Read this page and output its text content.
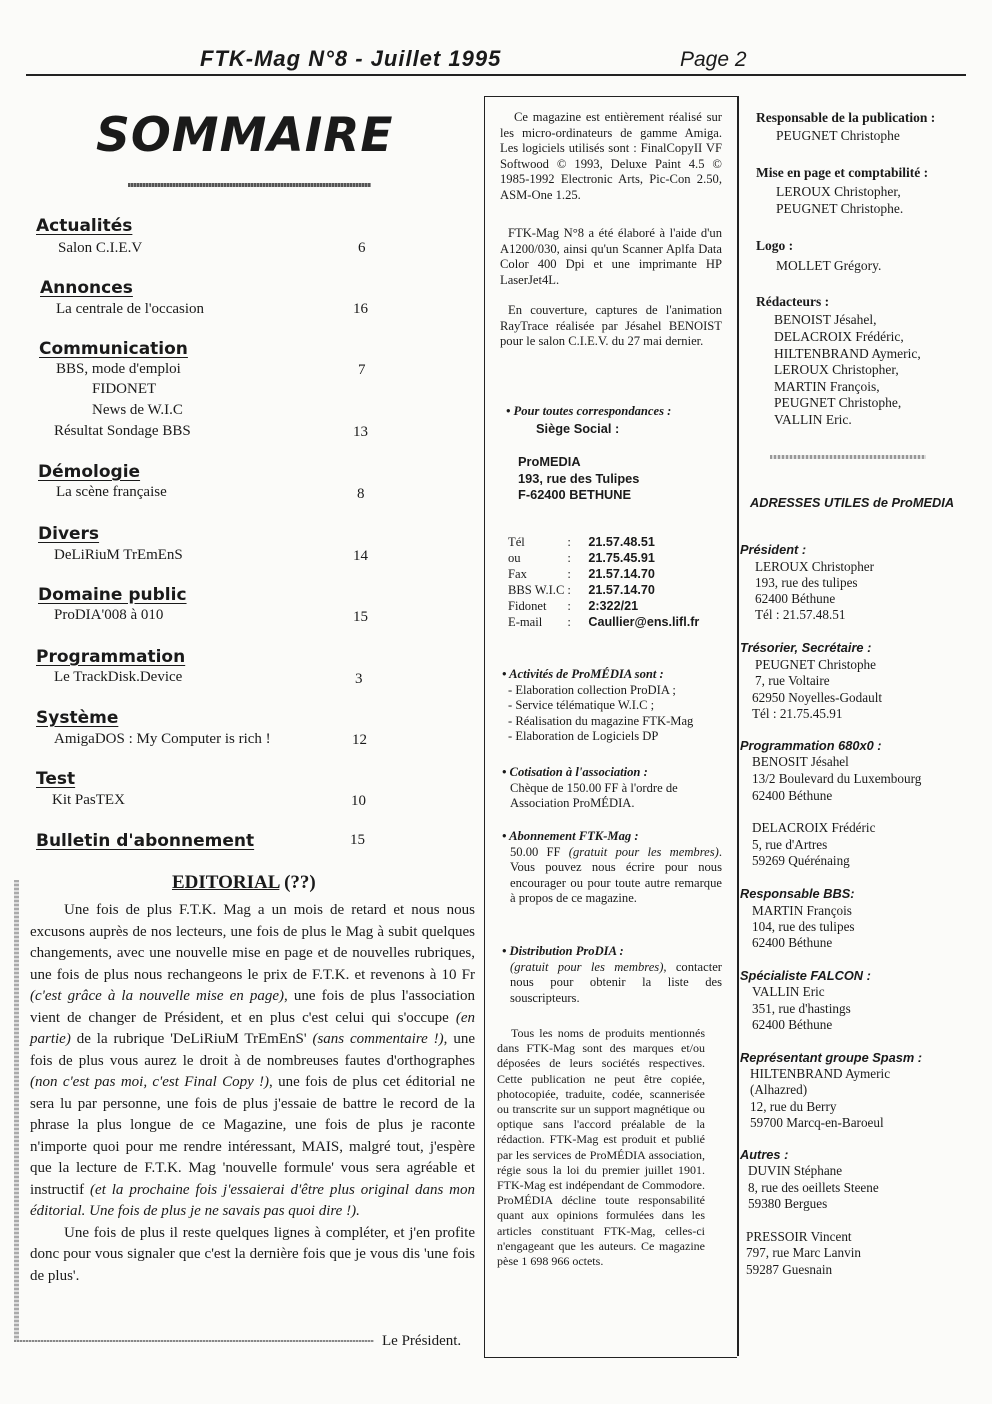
FTK-Mag N°8 - Juillet 1995	Page 2
SOMMAIRE
Actualités
Salon C.I.E.V	6
Annonces
La centrale de l'occasion	16
Communication
BBS, mode d'emploi	7
FIDONET
News de W.I.C
Résultat Sondage BBS	13
Démologie
La scène française	8
Divers
DeLiRiuM TrEmEnS	14
Domaine public
ProDIA'008 à 010	15
Programmation
Le TrackDisk.Device	3
Système
AmigaDOS : My Computer is rich !	12
Test
Kit PasTEX	10
Bulletin d'abonnement	15
EDITORIAL (??)

Une fois de plus F.T.K. Mag a un mois de retard et nous nous excusons auprès de nos lecteurs, une fois de plus le Mag à subit quelques changements, avec une nouvelle mise en page et de nouvelles rubriques, une fois de plus nous rechangeons le prix de F.T.K. et revenons à 10 Fr (c'est grâce à la nouvelle mise en page), une fois de plus l'association vient de changer de Président, et en plus c'est celui qui s'occupe (en partie) de la rubrique 'DeLiRiuM TrEmEnS' (sans commentaire !), une fois de plus vous aurez le droit à de nombreuses fautes d'orthographes (non c'est pas moi, c'est Final Copy !), une fois de plus cet éditorial ne sera lu par personne, une fois de plus j'essaie de battre le record de la phrase la plus longue de ce Magazine, une fois de plus je raconte n'importe quoi pour me rendre intéressant, MAIS, malgré tout, j'espère que la lecture de F.T.K. Mag 'nouvelle formule' vous sera agréable et instructif (et la prochaine fois j'essaierai d'être plus original dans mon éditorial. Une fois de plus je ne savais pas quoi dire !).

Une fois de plus il reste quelques lignes à compléter, et j'en profite donc pour vous signaler que c'est la dernière fois que je vous dis 'une fois de plus'.

Le Président.
Ce magazine est entièrement réalisé sur les micro-ordinateurs de gamme Amiga. Les logiciels utilisés sont : FinalCopyII VF Softwood © 1993, Deluxe Paint 4.5 © 1985-1992 Electronic Arts, Pic-Con 2.50, ASM-One 1.25.
FTK-Mag N°8 a été élaboré à l'aide d'un A1200/030, ainsi qu'un Scanner Aplfa Data Color 400 Dpi et une imprimante HP LaserJet4L.
En couverture, captures de l'animation RayTrace réalisée par Jésahel BENOIST pour le salon C.I.E.V. du 27 mai dernier.
• Pour toutes correspondances :
Siège Social :
ProMEDIA
193, rue des Tulipes
F-62400 BETHUNE
Tél	:	21.57.48.51
ou	:	21.75.45.91
Fax	:	21.57.14.70
BBS W.I.C	:	21.57.14.70
Fidonet	:	2:322/21
E-mail	:	Caullier@ens.lifl.fr
• Activités de ProMÉDIA sont :
- Elaboration collection ProDIA ;
- Service télématique W.I.C ;
- Réalisation du magazine FTK-Mag
- Elaboration de Logiciels DP
• Cotisation à l'association :
Chèque de 150.00 FF à l'ordre de Association ProMÉDIA.
• Abonnement FTK-Mag :
50.00 FF (gratuit pour les membres). Vous pouvez nous écrire pour nous encourager ou pour toute autre remarque à propos de ce magazine.
• Distribution ProDIA :
(gratuit pour les membres), contacter nous pour obtenir la liste des souscripteurs.
Tous les noms de produits mentionnés dans FTK-Mag sont des marques et/ou déposées de leurs sociétés respectives. Cette publication ne peut être copiée, photocopiée, traduite, codée, scannerisée ou transcrite sur un support magnétique ou optique sans l'accord préalable de la rédaction. FTK-Mag est produit et publié par les services de ProMÉDIA association, régie sous la loi du premier juillet 1901. FTK-Mag est indépendant de Commodore. ProMÉDIA décline toute responsabilité quant aux opinions formulées dans les articles constituant FTK-Mag, celles-ci n'engageant que les auteurs. Ce magazine pèse 1 698 966 octets.
Responsable de la publication :
PEUGNET Christophe
Mise en page et comptabilité :
LEROUX Christopher,
PEUGNET Christophe.
Logo :
MOLLET Grégory.
Rédacteurs :
BENOIST Jésahel,
DELACROIX Frédéric,
HILTENBRAND Aymeric,
LEROUX Christopher,
MARTIN François,
PEUGNET Christophe,
VALLIN Eric.
ADRESSES UTILES de ProMEDIA
Président :
LEROUX Christopher
193, rue des tulipes
62400 Béthune
Tél : 21.57.48.51
Trésorier, Secrétaire :
PEUGNET Christophe
7, rue Voltaire
62950 Noyelles-Godault
Tél : 21.75.45.91
Programmation 680x0 :
BENOSIT Jésahel
13/2 Boulevard du Luxembourg
62400 Béthune
DELACROIX Frédéric
5, rue d'Artres
59269 Quérénaing
Responsable BBS:
MARTIN François
104, rue des tulipes
62400 Béthune
Spécialiste FALCON :
VALLIN Eric
351, rue d'hastings
62400 Béthune
Représentant groupe Spasm :
HILTENBRAND Aymeric
(Alhazred)
12, rue du Berry
59700 Marcq-en-Baroeul
Autres :
DUVIN Stéphane
8, rue des oeillets Steene
59380 Bergues
PRESSOIR Vincent
797, rue Marc Lanvin
59287 Guesnain
